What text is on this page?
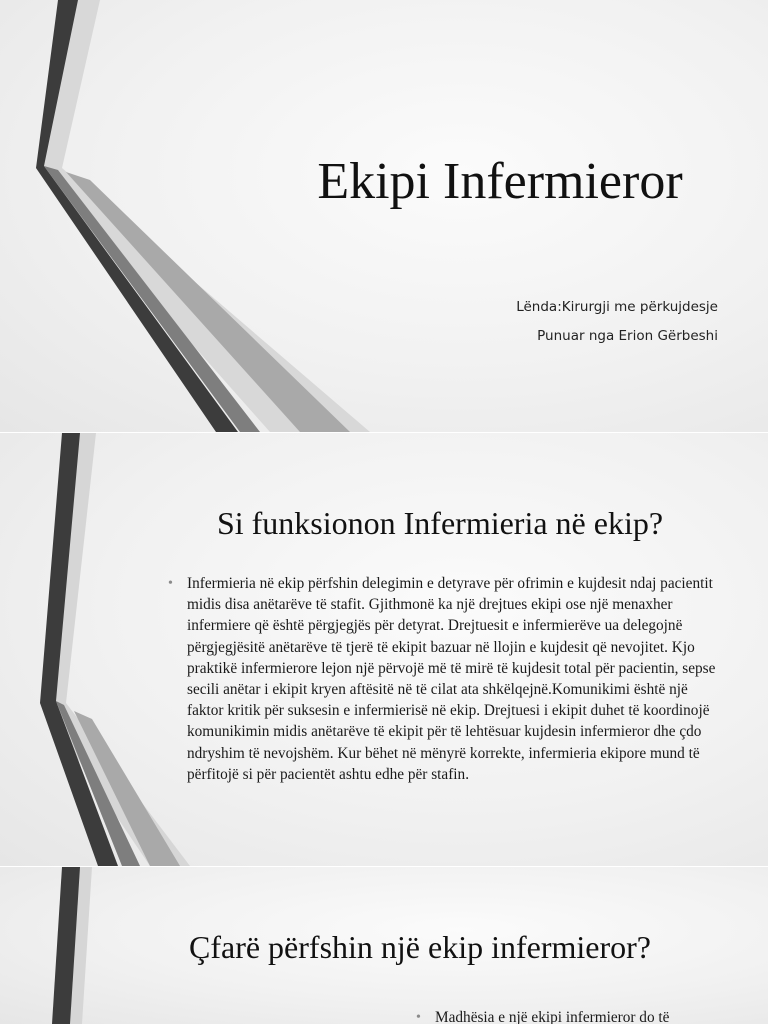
Ekipi Infermieror

Lënda:Kirurgji me përkujdesje

Punuar nga Erion Gërbeshi

Si funksionon Infermieria në ekip?
• Infermieria në ekip përfshin delegimin e detyrave për ofrimin e kujdesit ndaj pacientit midis disa anëtarëve të stafit. Gjithmonë ka një drejtues ekipi ose një menaxher infermiere që është përgjegjës për detyrat. Drejtuesit e infermierëve ua delegojnë përgjegjësitë anëtarëve të tjerë të ekipit bazuar në llojin e kujdesit që nevojitet. Kjo praktikë infermierore lejon një përvojë më të mirë të kujdesit total për pacientin, sepse secili anëtar i ekipit kryen aftësitë në të cilat ata shkëlqejnë.Komunikimi është një faktor kritik për suksesin e infermierisë në ekip. Drejtuesi i ekipit duhet të koordinojë komunikimin midis anëtarëve të ekipit për të lehtësuar kujdesin infermieror dhe çdo ndryshim të nevojshëm. Kur bëhet në mënyrë korrekte, infermieria ekipore mund të përfitojë si për pacientët ashtu edhe për stafin.
Çfarë përfshin një ekip infermieror?
• Madhësia e një ekipi infermieror do të
